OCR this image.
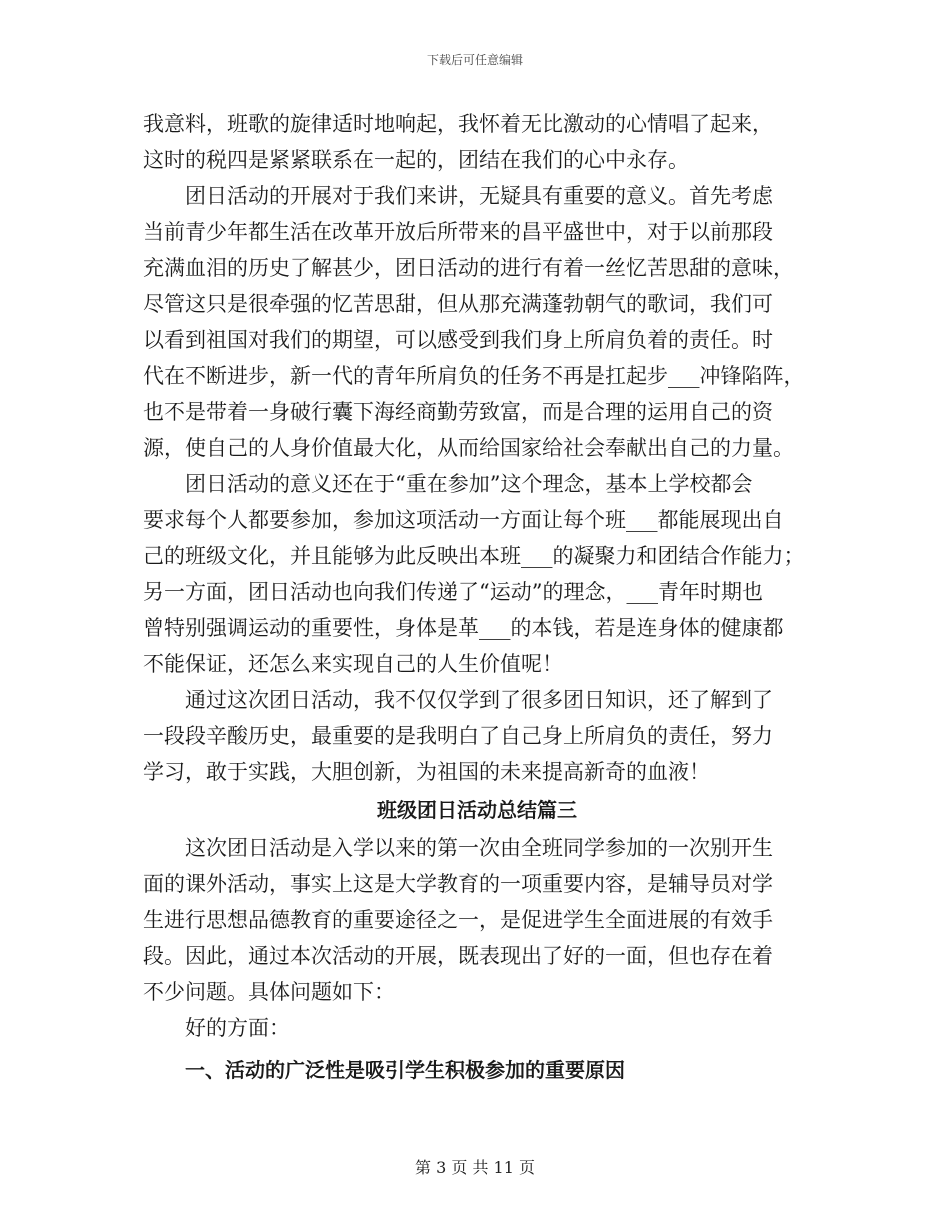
下载后可任意编辑
我意料，班歌的旋律适时地响起，我怀着无比激动的心情唱了起来，
这时的税四是紧紧联系在一起的，团结在我们的心中永存。
团日活动的开展对于我们来讲，无疑具有重要的意义。首先考虑
当前青少年都生活在改革开放后所带来的昌平盛世中，对于以前那段
充满血泪的历史了解甚少，团日活动的进行有着一丝忆苦思甜的意味，
尽管这只是很牵强的忆苦思甜，但从那充满蓬勃朝气的歌词，我们可
以看到祖国对我们的期望，可以感受到我们身上所肩负着的责任。时
代在不断进步，新一代的青年所肩负的任务不再是扛起步___冲锋陷阵，
也不是带着一身破行囊下海经商勤劳致富，而是合理的运用自己的资
源，使自己的人身价值最大化，从而给国家给社会奉献出自己的力量。
团日活动的意义还在于“重在参加”这个理念，基本上学校都会
要求每个人都要参加，参加这项活动一方面让每个班___都能展现出自
己的班级文化，并且能够为此反映出本班___的凝聚力和团结合作能力；
另一方面，团日活动也向我们传递了“运动”的理念，___青年时期也
曾特别强调运动的重要性，身体是革___的本钱，若是连身体的健康都
不能保证，还怎么来实现自己的人生价值呢！
通过这次团日活动，我不仅仅学到了很多团日知识，还了解到了
一段段辛酸历史，最重要的是我明白了自己身上所肩负的责任，努力
学习，敢于实践，大胆创新，为祖国的未来提高新奇的血液！
班级团日活动总结篇三
这次团日活动是入学以来的第一次由全班同学参加的一次别开生
面的课外活动，事实上这是大学教育的一项重要内容，是辅导员对学
生进行思想品德教育的重要途径之一，是促进学生全面进展的有效手
段。因此，通过本次活动的开展，既表现出了好的一面，但也存在着
不少问题。具体问题如下：
好的方面：
一、活动的广泛性是吸引学生积极参加的重要原因
第 3 页 共 11 页
